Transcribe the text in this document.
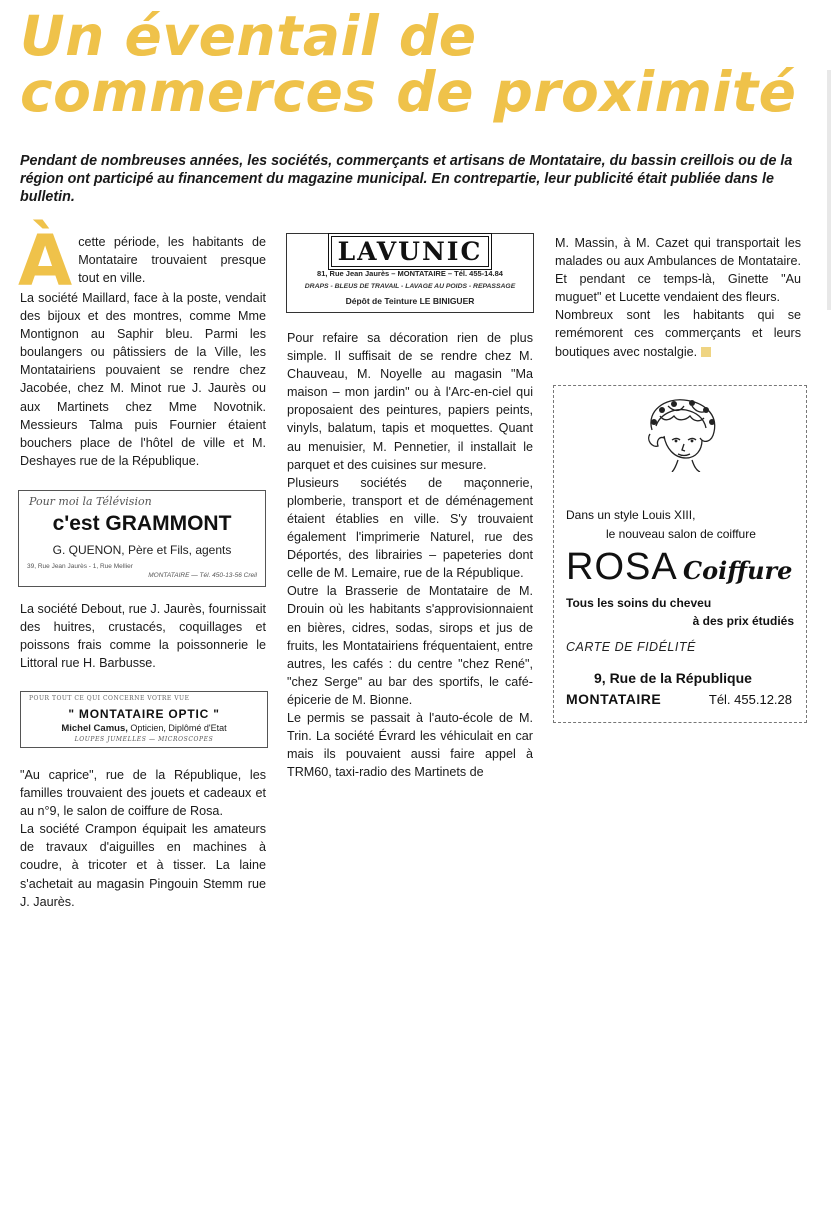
Un éventail de commerces de proximité
Pendant de nombreuses années, les sociétés, commerçants et artisans de Montataire, du bassin creillois ou de la région ont participé au financement du magazine municipal. En contrepartie, leur publicité était publiée dans le bulletin.

Àcette période, les habitants de Montataire trouvaient presque tout en ville.

La société Maillard, face à la poste, vendait des bijoux et des montres, comme Mme Montignon au Saphir bleu. Parmi les boulangers ou pâtissiers de la Ville, les Montatairiens pouvaient se rendre chez Jacobée, chez M. Minot rue J. Jaurès ou aux Martinets chez Mme Novotnik. Messieurs Talma puis Fournier étaient bouchers place de l'hôtel de ville et M. Deshayes rue de la République.

Pour moi la Télévision
c'est GRAMMONT
G. QUENON, Père et Fils, agents
39, Rue Jean Jaurès - 1, Rue Mellier
MONTATAIRE — Tél. 450-13-56 Creil

La société Debout, rue J. Jaurès, fournissait des huitres, crustacés, coquillages et poissons frais comme la poissonnerie le Littoral rue H. Barbusse.

POUR TOUT CE QUI CONCERNE VOTRE VUE
" MONTATAIRE OPTIC "
Michel Camus, Opticien, Diplômé d'Etat
LOUPES JUMELLES — MICROSCOPES

"Au caprice", rue de la République, les familles trouvaient des jouets et cadeaux et au n°9, le salon de coiffure de Rosa.

La société Crampon équipait les amateurs de travaux d'aiguilles en machines à coudre, à tricoter et à tisser. La laine s'achetait au magasin Pingouin Stemm rue J. Jaurès.

LAVUNIC
81, Rue Jean Jaurès – MONTATAIRE – Tél. 455-14.84
DRAPS - BLEUS DE TRAVAIL - LAVAGE AU POIDS - REPASSAGE
Dépôt de Teinture LE BINIGUER

Pour refaire sa décoration rien de plus simple. Il suffisait de se rendre chez M. Chauveau, M. Noyelle au magasin "Ma maison – mon jardin" ou à l'Arc-en-ciel qui proposaient des peintures, papiers peints, vinyls, balatum, tapis et moquettes. Quant au menuisier, M. Pennetier, il installait le parquet et des cuisines sur mesure.

Plusieurs sociétés de maçonnerie, plomberie, transport et de déménagement étaient établies en ville. S'y trouvaient également l'imprimerie Naturel, rue des Déportés, des librairies – papeteries dont celle de M. Lemaire, rue de la République.

Outre la Brasserie de Montataire de M. Drouin où les habitants s'approvisionnaient en bières, cidres, sodas, sirops et jus de fruits, les Montatairiens fréquentaient, entre autres, les cafés : du centre "chez René", "chez Serge" au bar des sportifs, le café-épicerie de M. Bionne.

Le permis se passait à l'auto-école de M. Trin. La société Évrard les véhiculait en car mais ils pouvaient aussi faire appel à TRM60, taxi-radio des Martinets de

M. Massin, à M. Cazet qui transportait les malades ou aux Ambulances de Montataire. Et pendant ce temps-là, Ginette "Au muguet" et Lucette vendaient des fleurs.

Nombreux sont les habitants qui se remémorent ces commerçants et leurs boutiques avec nostalgie.

Dans un style Louis XIII,
le nouveau salon de coiffure
ROSA Coiffure
Tous les soins du cheveu
à des prix étudiés
CARTE DE FIDÉLITÉ
9, Rue de la République
MONTATAIRE	Tél. 455.12.28
